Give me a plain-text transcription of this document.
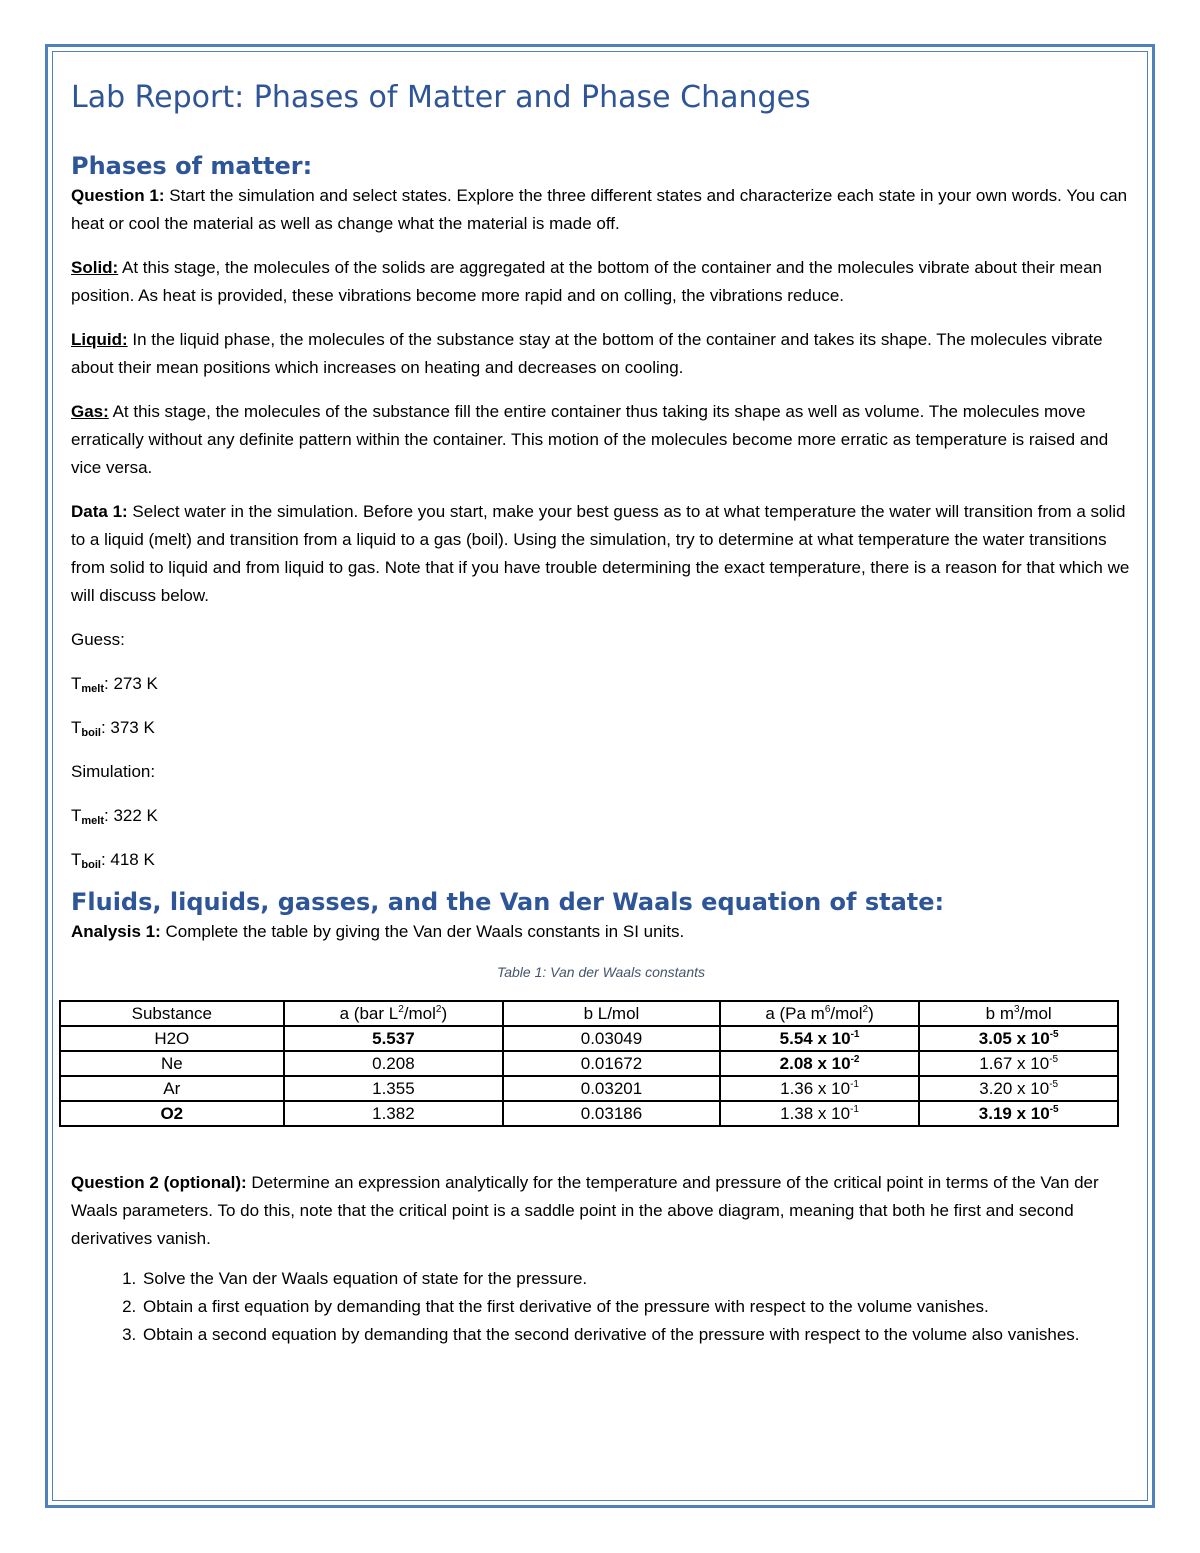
Lab Report: Phases of Matter and Phase Changes
Phases of matter:

Question 1: Start the simulation and select states. Explore the three different states and characterize each state in your own words. You can heat or cool the material as well as change what the material is made off.

Solid: At this stage, the molecules of the solids are aggregated at the bottom of the container and the molecules vibrate about their mean position. As heat is provided, these vibrations become more rapid and on colling, the vibrations reduce.

Liquid: In the liquid phase, the molecules of the substance stay at the bottom of the container and takes its shape. The molecules vibrate about their mean positions which increases on heating and decreases on cooling.

Gas: At this stage, the molecules of the substance fill the entire container thus taking its shape as well as volume. The molecules move erratically without any definite pattern within the container. This motion of the molecules become more erratic as temperature is raised and vice versa.

Data 1: Select water in the simulation. Before you start, make your best guess as to at what temperature the water will transition from a solid to a liquid (melt) and transition from a liquid to a gas (boil). Using the simulation, try to determine at what temperature the water transitions from solid to liquid and from liquid to gas. Note that if you have trouble determining the exact temperature, there is a reason for that which we will discuss below.

Guess:

$T_{melt}$: 273 K

$T_{boil}$: 373 K

Simulation:

$T_{melt}$: 322 K

$T_{boil}$: 418 K

Fluids, liquids, gasses, and the Van der Waals equation of state:

Analysis 1: Complete the table by giving the Van der Waals constants in SI units.

Table 1: Van der Waals constants
Substance	a (bar $L^2/mol^2$)	b L/mol	a (Pa $m^6/mol^2$)	b $m^3$/mol
H2O	5.537	0.03049	5.54 x $10^{-1}$	3.05 x $10^{-5}$
Ne	0.208	0.01672	2.08 x $10^{-2}$	1.67 x $10^{-5}$
Ar	1.355	0.03201	1.36 x $10^{-1}$	3.20 x $10^{-5}$
O2	1.382	0.03186	1.38 x $10^{-1}$	3.19 x $10^{-5}$

Question 2 (optional): Determine an expression analytically for the temperature and pressure of the critical point in terms of the Van der Waals parameters. To do this, note that the critical point is a saddle point in the above diagram, meaning that both he first and second derivatives vanish.

1. Solve the Van der Waals equation of state for the pressure.
2. Obtain a first equation by demanding that the first derivative of the pressure with respect to the volume vanishes.
3. Obtain a second equation by demanding that the second derivative of the pressure with respect to the volume also vanishes.
